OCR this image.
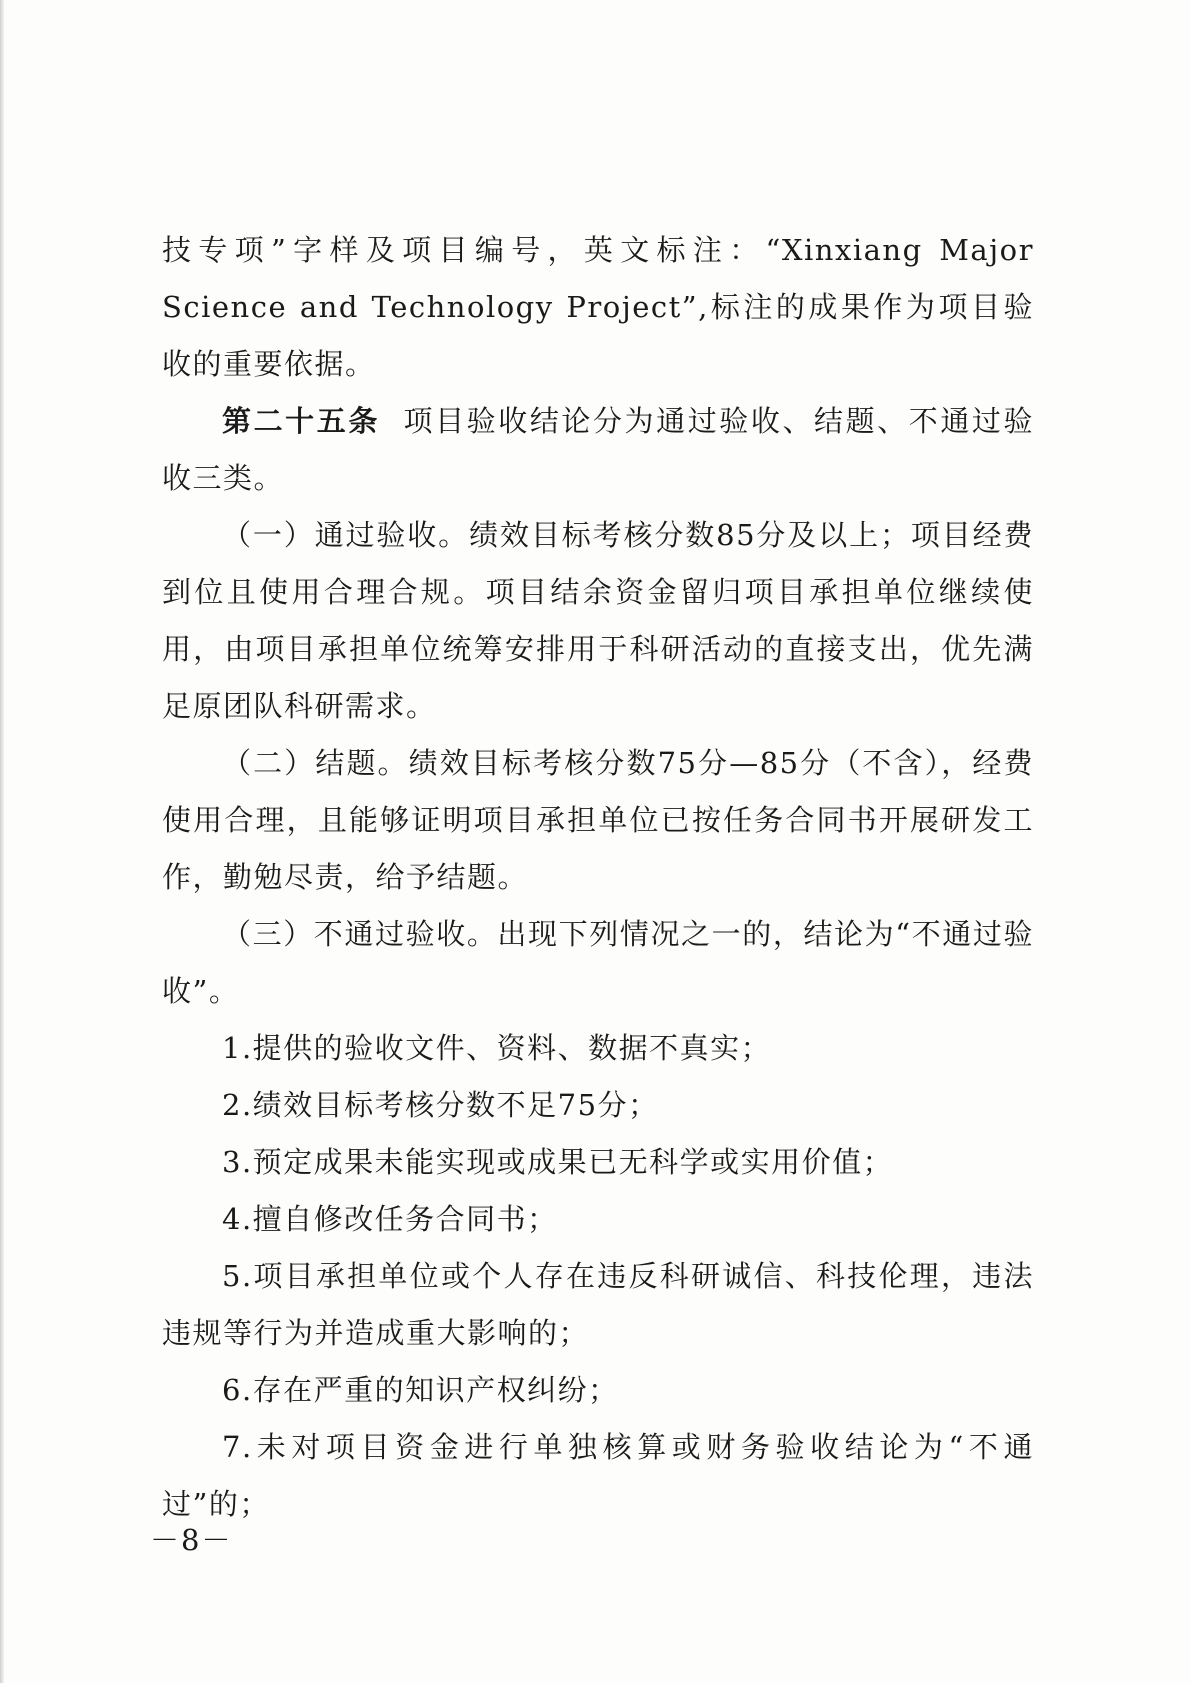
技专项”字样及项目编号，英文标注：“Xinxiang Major Science and Technology Project”,标注的成果作为项目验收的重要依据。

第二十五条 项目验收结论分为通过验收、结题、不通过验收三类。

（一）通过验收。绩效目标考核分数85分及以上；项目经费到位且使用合理合规。项目结余资金留归项目承担单位继续使用，由项目承担单位统筹安排用于科研活动的直接支出，优先满足原团队科研需求。

（二）结题。绩效目标考核分数75分—85分（不含），经费使用合理，且能够证明项目承担单位已按任务合同书开展研发工作，勤勉尽责，给予结题。

（三）不通过验收。出现下列情况之一的，结论为“不通过验收”。

1.提供的验收文件、资料、数据不真实；

2.绩效目标考核分数不足75分；

3.预定成果未能实现或成果已无科学或实用价值；

4.擅自修改任务合同书；

5.项目承担单位或个人存在违反科研诚信、科技伦理，违法违规等行为并造成重大影响的；

6.存在严重的知识产权纠纷；

7.未对项目资金进行单独核算或财务验收结论为“不通过”的；

－8－
